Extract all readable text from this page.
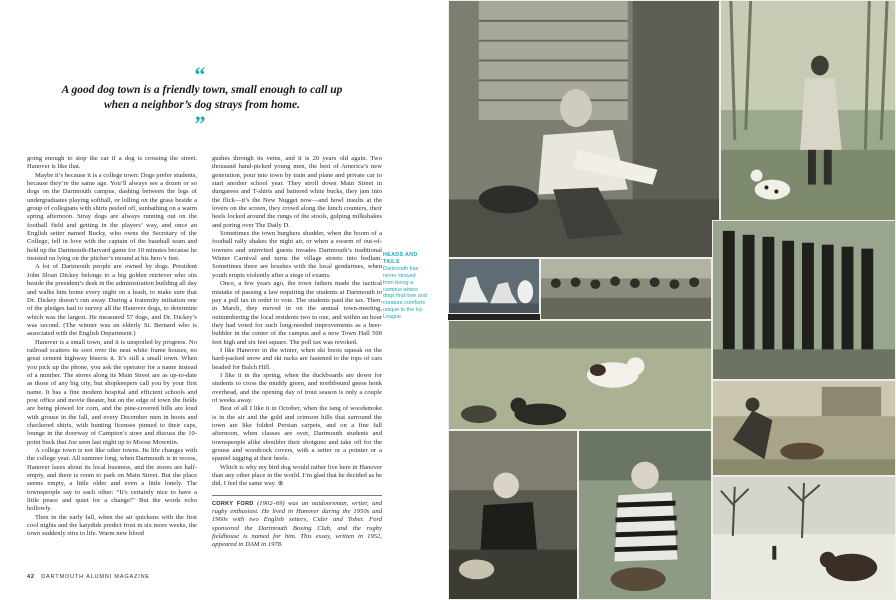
“
A good dog town is a friendly town, small enough to call up when a neighbor’s dog strays from home.
”

going enough to stop the car if a dog is crossing the street. Hanover is like that.

Maybe it’s because it is a college town: Dogs prefer students, because they’re the same age. You’ll always see a dozen or so dogs on the Dartmouth campus, dashing between the legs of undergraduates playing softball, or lolling on the grass beside a group of collegians with shirts peeled off, sunbathing on a warm spring afternoon. Stray dogs are always running out on the football field and getting in the players’ way, and once an English setter named Bucky, who owns the Secretary of the College, fell in love with the captain of the baseball team and held up the Dartmouth-Harvard game for 10 minutes because he insisted on lying on the pitcher’s mound at his hero’s feet.

A lot of Dartmouth people are owned by dogs. President John Sloan Dickey belongs to a big golden retriever who sits beside the president’s desk in the administration building all day and walks him home every night on a leash, to make sure that Dr. Dickey doesn’t run away. During a fraternity initiation one of the pledges had to survey all the Hanover dogs, to determine which was the largest. He measured 57 dogs, and Dr. Dickey’s was second. (The winner was an elderly St. Bernard who is associated with the English Department.)

Hanover is a small town, and it is unspoiled by progress. No railroad scatters its soot over the neat white frame houses, no great cement highway bisects it. It’s still a small town. When you pick up the phone, you ask the operator for a name instead of a number. The stores along its Main Street are as up-to-date as those of any big city, but shopkeepers call you by your first name. It has a fine modern hospital and efficient schools and post office and movie theater, but on the edge of town the fields are being plowed for corn, and the pine-covered hills are loud with grouse in the fall, and every December men in boots and checkered shirts, with hunting licenses pinned to their caps, lounge in the doorway of Campion’s store and discuss the 10-point buck that Joe seen last night up to Moose Mowntin.

A college town is not like other towns. Its life changes with the college year. All summer long, when Dartmouth is in recess, Hanover lazes about its local business, and the stores are half-empty, and there is room to park on Main Street. But the place seems empty, a little older and even a little lonely. The townspeople say to each other: “It’s certainly nice to have a little peace and quiet for a change!” But the words echo hollowly.

Then in the early fall, when the air quickens with the first cool nights and the katydids predict frost in six more weeks, the town suddenly stirs to life. Warm new blood

gushes through its veins, and it is 20 years old again. Two thousand hand-picked young men, the best of America’s new generation, pour into town by train and plane and private car to start another school year. They stroll down Main Street in dungarees and T-shirts and battered white bucks, they jam into the flick—it’s the New Nugget now—and howl insults at the lovers on the screen, they crowd along the lunch counters, their heels locked around the rungs of the stools, gulping milkshakes and poring over The Daily D.

Sometimes the town burghers shudder, when the boom of a football rally shakes the night air, or when a swarm of out-of-towners and uninvited guests invades Dartmouth’s traditional Winter Carnival and turns the village streets into bedlam. Sometimes there are brushes with the local gendarmes, when youth erupts violently after a siege of exams.

Once, a few years ago, the town fathers made the tactical mistake of passing a law requiring the students at Dartmouth to pay a poll tax in order to vote. The students paid the tax. Then, in March, they moved in on the annual town-meeting, outnumbering the local residents two to one, and within an hour they had voted for such long-needed improvements as a beer-bubbler in the center of the campus and a new Town Hall 500 feet high and six feet square. The poll tax was revoked.

I like Hanover in the winter, when ski boots squeak on the hard-packed snow and ski racks are fastened to the tops of cars headed for Balch Hill.

I like it in the spring, when the duckboards are down for students to cross the muddy green, and northbound geese honk overhead, and the opening day of trout season is only a couple of weeks away.

Best of all I like it in October, when the tang of woodsmoke is in the air and the gold and crimson hills that surround the town are like folded Persian carpets, and on a fine fall afternoon, when classes are over, Dartmouth students and townspeople alike shoulder their shotguns and take off for the grouse and woodcock covers, with a setter or a pointer or a spaniel tagging at their heels.

Which is why my bird dog would rather live here in Hanover than any other place in the world. I’m glad that he decided as he did, I feel the same way. ⊕

CORKY FORD (1902–69) was an outdoorsman, writer, and rugby enthusiast. He lived in Hanover during the 1950s and 1960s with two English setters, Cider and Tober. Ford sponsored the Dartmouth Boxing Club, and the rugby fieldhouse is named for him. This essay, written in 1952, appeared in DAM in 1978.
HEADS AND TAILS
Dartmouth has never strayed from being a campus where dogs find love and creature comforts unique to the Ivy League.
42 DARTMOUTH ALUMNI MAGAZINE
